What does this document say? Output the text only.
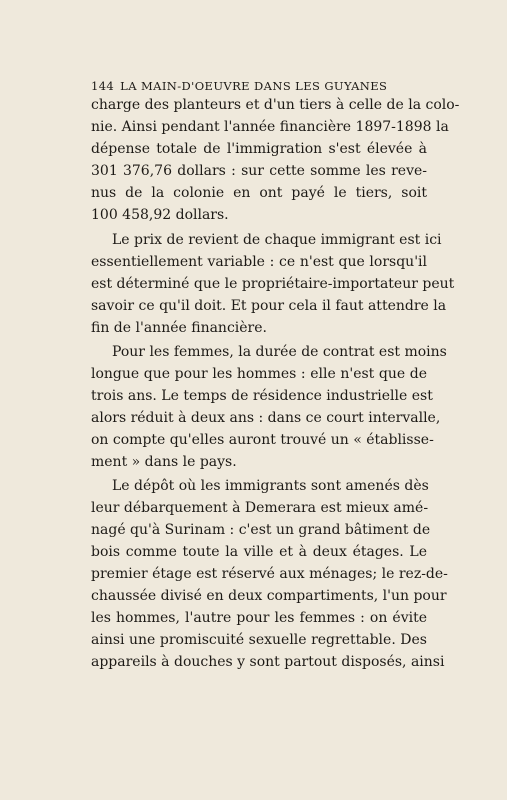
144 LA MAIN-D'OEUVRE DANS LES GUYANES
charge des planteurs et d'un tiers à celle de la colo-
nie. Ainsi pendant l'année financière 1897-1898 la
dépense totale de l'immigration s'est élevée à
301 376,76 dollars : sur cette somme les reve-
nus de la colonie en ont payé le tiers, soit
100 458,92 dollars.
Le prix de revient de chaque immigrant est ici
essentiellement variable : ce n'est que lorsqu'il
est déterminé que le propriétaire-importateur peut
savoir ce qu'il doit. Et pour cela il faut attendre la
fin de l'année financière.
Pour les femmes, la durée de contrat est moins
longue que pour les hommes : elle n'est que de
trois ans. Le temps de résidence industrielle est
alors réduit à deux ans : dans ce court intervalle,
on compte qu'elles auront trouvé un « établisse-
ment » dans le pays.
Le dépôt où les immigrants sont amenés dès
leur débarquement à Demerara est mieux amé-
nagé qu'à Surinam : c'est un grand bâtiment de
bois comme toute la ville et à deux étages. Le
premier étage est réservé aux ménages; le rez-de-
chaussée divisé en deux compartiments, l'un pour
les hommes, l'autre pour les femmes : on évite
ainsi une promiscuité sexuelle regrettable. Des
appareils à douches y sont partout disposés, ainsi
